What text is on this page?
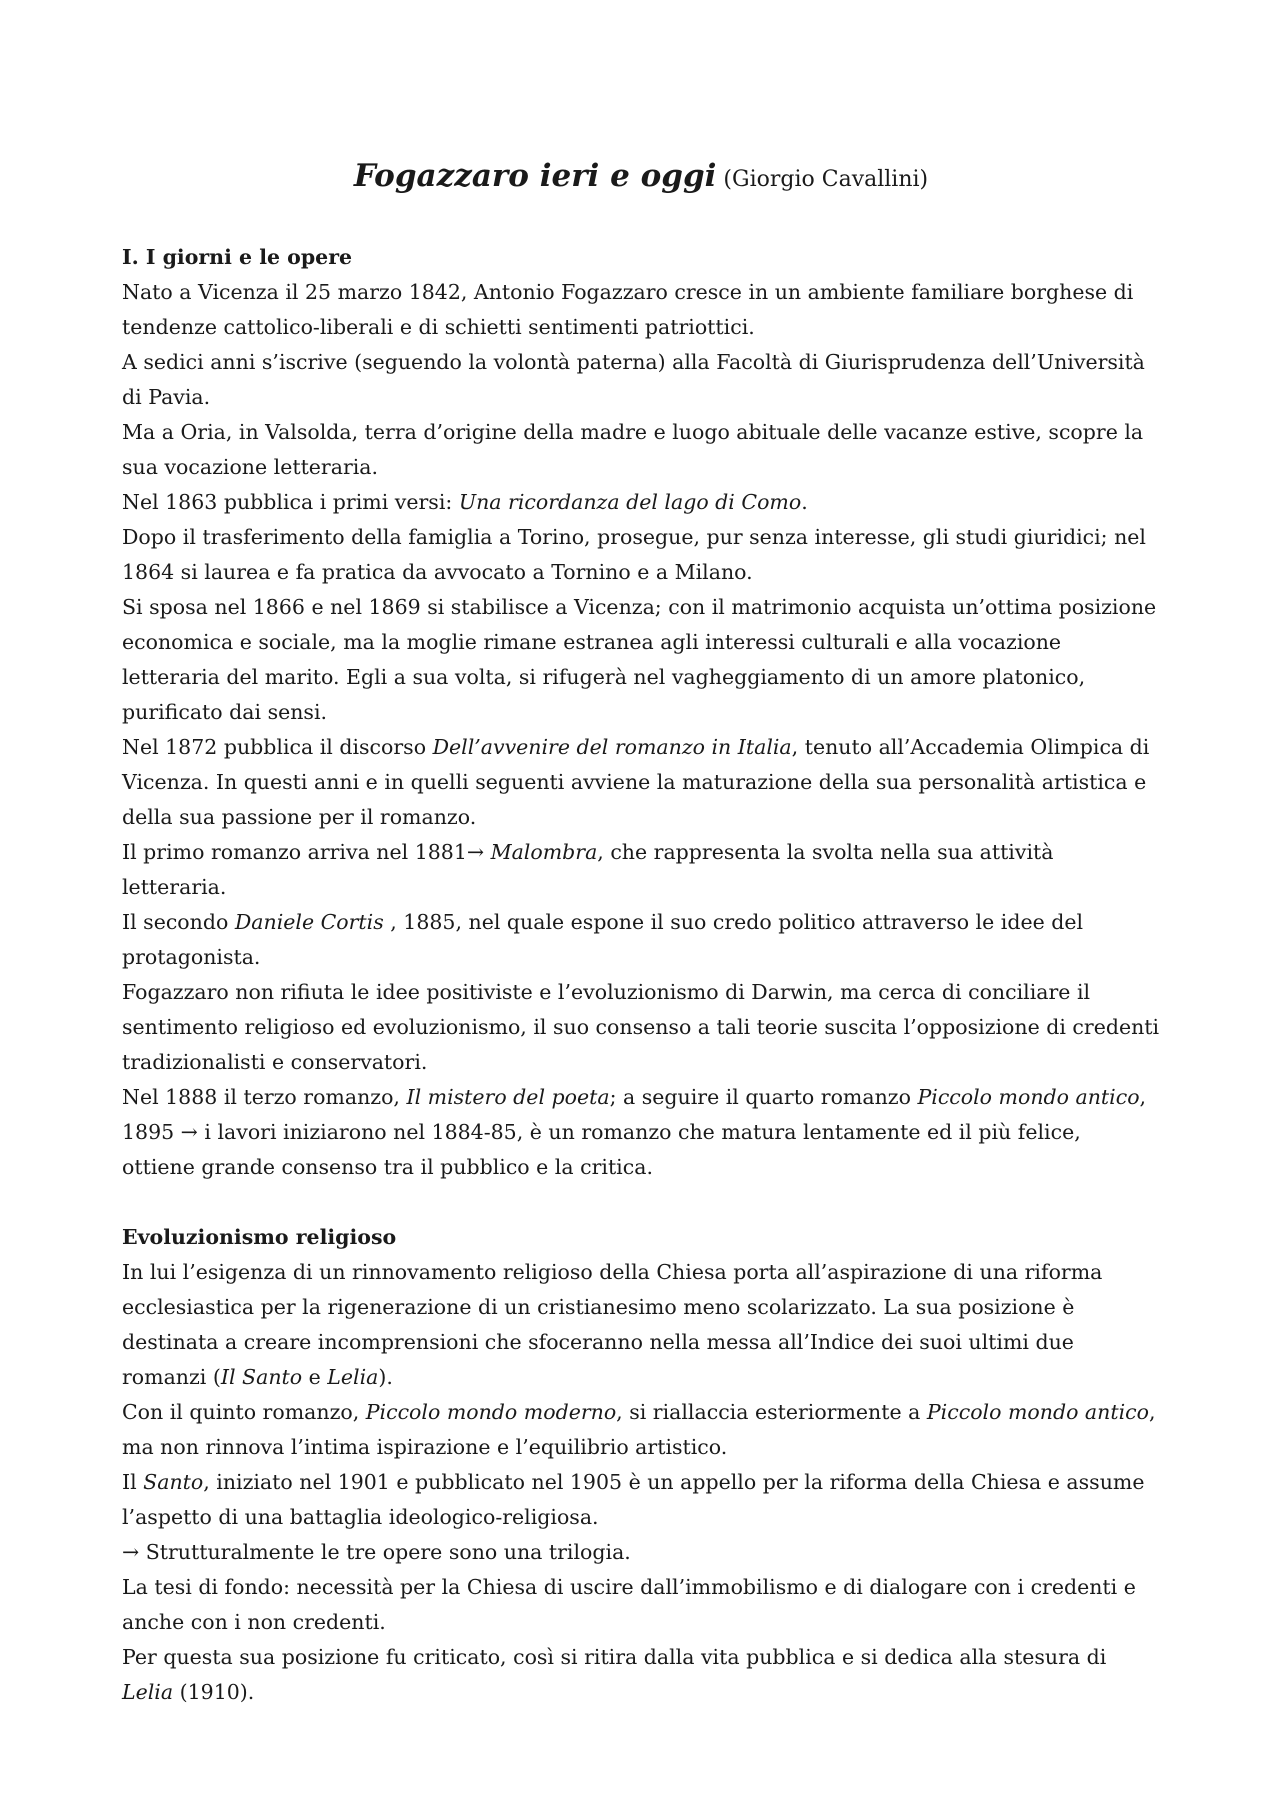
Fogazzaro ieri e oggi (Giorgio Cavallini)

I. I giorni e le opere

Nato a Vicenza il 25 marzo 1842, Antonio Fogazzaro cresce in un ambiente familiare borghese di tendenze cattolico-liberali e di schietti sentimenti patriottici.

A sedici anni s’iscrive (seguendo la volontà paterna) alla Facoltà di Giurisprudenza dell’Università di Pavia.

Ma a Oria, in Valsolda, terra d’origine della madre e luogo abituale delle vacanze estive, scopre la sua vocazione letteraria.

Nel 1863 pubblica i primi versi: Una ricordanza del lago di Como.

Dopo il trasferimento della famiglia a Torino, prosegue, pur senza interesse, gli studi giuridici; nel 1864 si laurea e fa pratica da avvocato a Tornino e a Milano.

Si sposa nel 1866 e nel 1869 si stabilisce a Vicenza; con il matrimonio acquista un’ottima posizione economica e sociale, ma la moglie rimane estranea agli interessi culturali e alla vocazione letteraria del marito. Egli a sua volta, si rifugerà nel vagheggiamento di un amore platonico, purificato dai sensi.

Nel 1872 pubblica il discorso Dell’avvenire del romanzo in Italia, tenuto all’Accademia Olimpica di Vicenza. In questi anni e in quelli seguenti avviene la maturazione della sua personalità artistica e della sua passione per il romanzo.

Il primo romanzo arriva nel 1881→ Malombra, che rappresenta la svolta nella sua attività letteraria.

Il secondo Daniele Cortis , 1885, nel quale espone il suo credo politico attraverso le idee del protagonista.

Fogazzaro non rifiuta le idee positiviste e l’evoluzionismo di Darwin, ma cerca di conciliare il sentimento religioso ed evoluzionismo, il suo consenso a tali teorie suscita l’opposizione di credenti tradizionalisti e conservatori.

Nel 1888 il terzo romanzo, Il mistero del poeta; a seguire il quarto romanzo Piccolo mondo antico, 1895 → i lavori iniziarono nel 1884-85, è un romanzo che matura lentamente ed il più felice, ottiene grande consenso tra il pubblico e la critica.

Evoluzionismo religioso

In lui l’esigenza di un rinnovamento religioso della Chiesa porta all’aspirazione di una riforma ecclesiastica per la rigenerazione di un cristianesimo meno scolarizzato. La sua posizione è destinata a creare incomprensioni che sfoceranno nella messa all’Indice dei suoi ultimi due romanzi (Il Santo e Lelia).

Con il quinto romanzo, Piccolo mondo moderno, si riallaccia esteriormente a Piccolo mondo antico, ma non rinnova l’intima ispirazione e l’equilibrio artistico.

Il Santo, iniziato nel 1901 e pubblicato nel 1905 è un appello per la riforma della Chiesa e assume l’aspetto di una battaglia ideologico-religiosa.

→ Strutturalmente le tre opere sono una trilogia.

La tesi di fondo: necessità per la Chiesa di uscire dall’immobilismo e di dialogare con i credenti e anche con i non credenti.

Per questa sua posizione fu criticato, così si ritira dalla vita pubblica e si dedica alla stesura di Lelia (1910).
